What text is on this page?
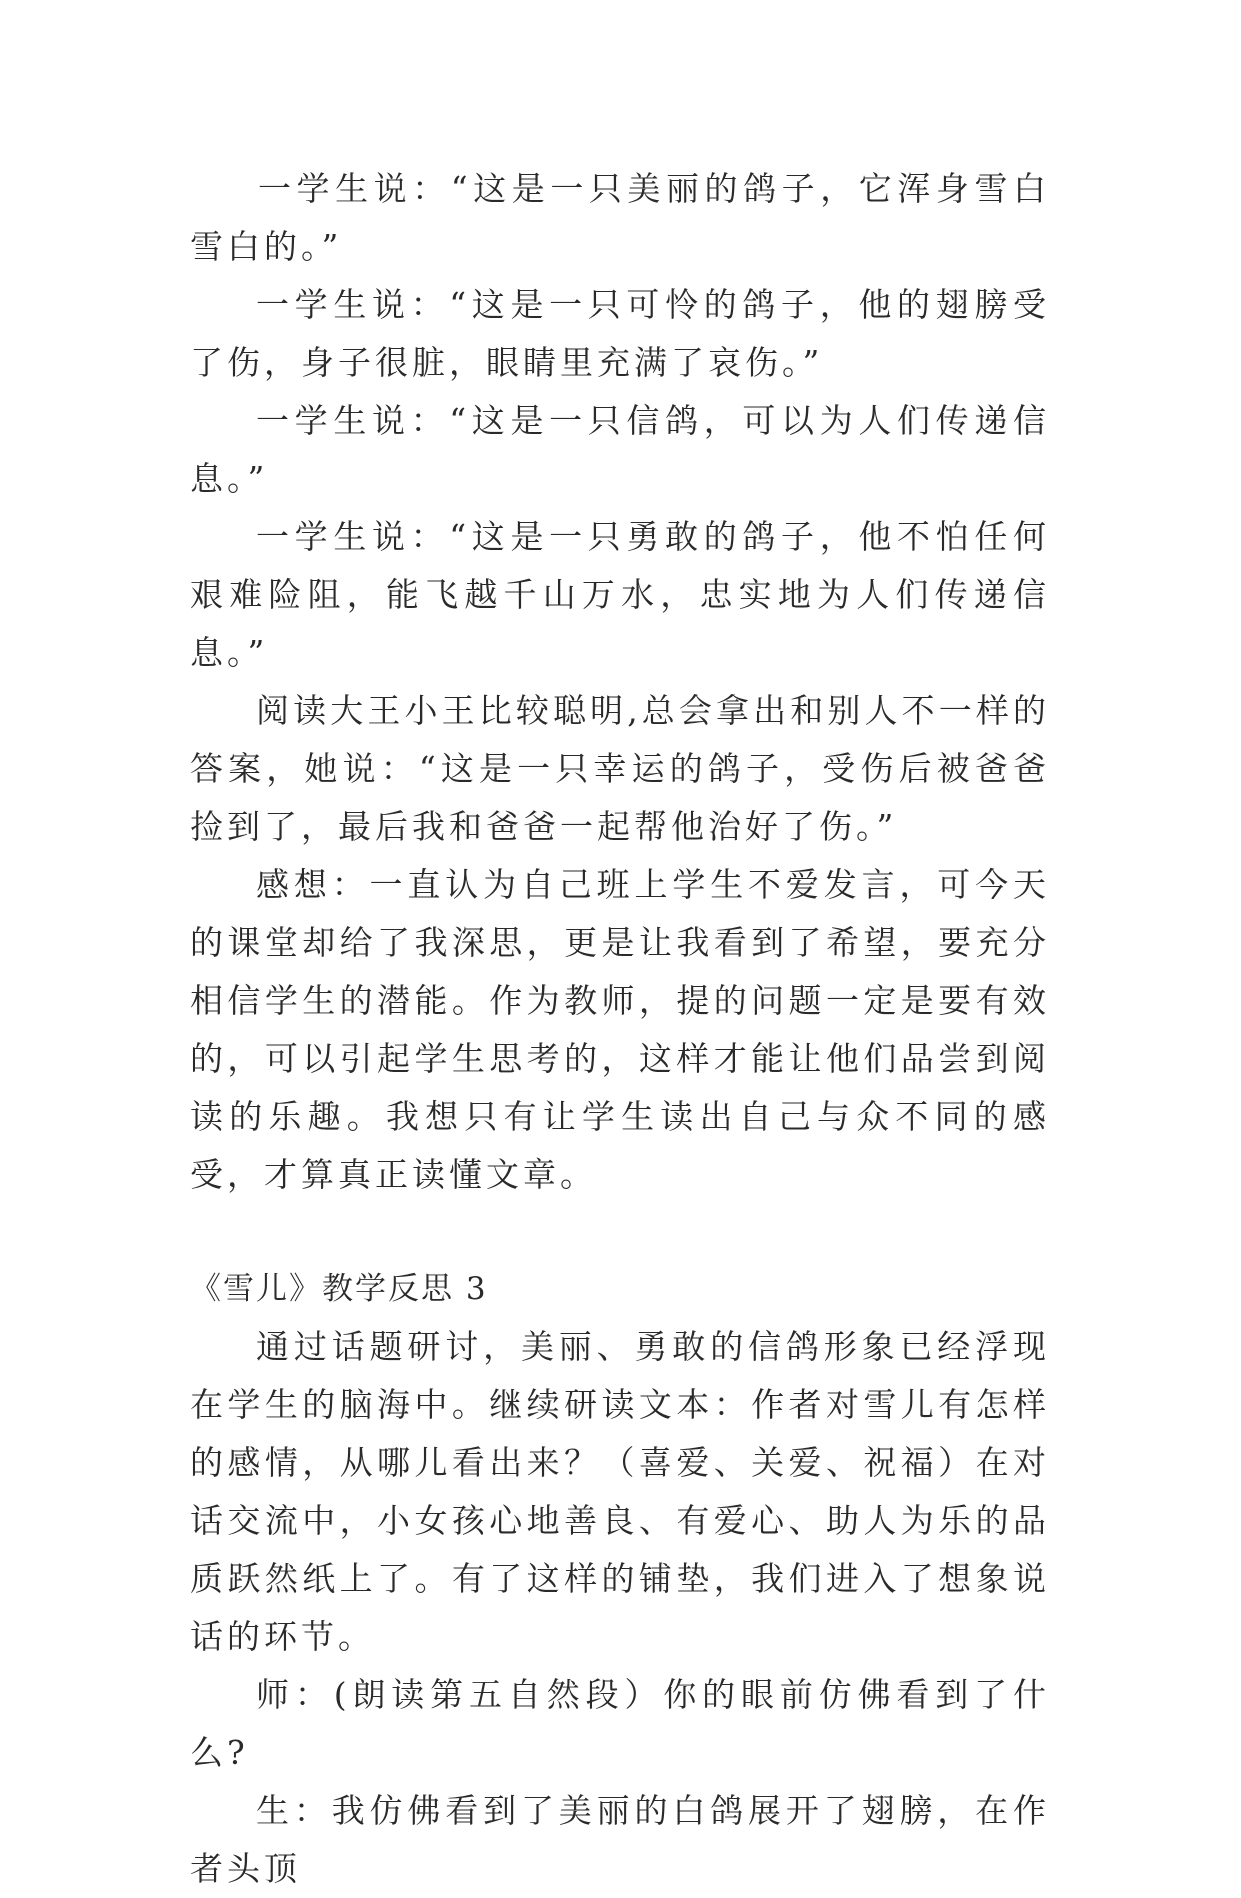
一学生说：“这是一只美丽的鸽子，它浑身雪白雪白的。”

一学生说：“这是一只可怜的鸽子，他的翅膀受了伤，身子很脏，眼睛里充满了哀伤。”

一学生说：“这是一只信鸽，可以为人们传递信息。”

一学生说：“这是一只勇敢的鸽子，他不怕任何艰难险阻，能飞越千山万水，忠实地为人们传递信息。”

阅读大王小王比较聪明,总会拿出和别人不一样的答案，她说：“这是一只幸运的鸽子，受伤后被爸爸捡到了，最后我和爸爸一起帮他治好了伤。”

感想：一直认为自己班上学生不爱发言，可今天的课堂却给了我深思，更是让我看到了希望，要充分相信学生的潜能。作为教师，提的问题一定是要有效的，可以引起学生思考的，这样才能让他们品尝到阅读的乐趣。我想只有让学生读出自己与众不同的感受，才算真正读懂文章。

《雪儿》教学反思 3

通过话题研讨，美丽、勇敢的信鸽形象已经浮现在学生的脑海中。继续研读文本：作者对雪儿有怎样的感情，从哪儿看出来？（喜爱、关爱、祝福）在对话交流中，小女孩心地善良、有爱心、助人为乐的品质跃然纸上了。有了这样的铺垫，我们进入了想象说话的环节。

师：(朗读第五自然段）你的眼前仿佛看到了什么?

生：我仿佛看到了美丽的白鸽展开了翅膀，在作者头顶
